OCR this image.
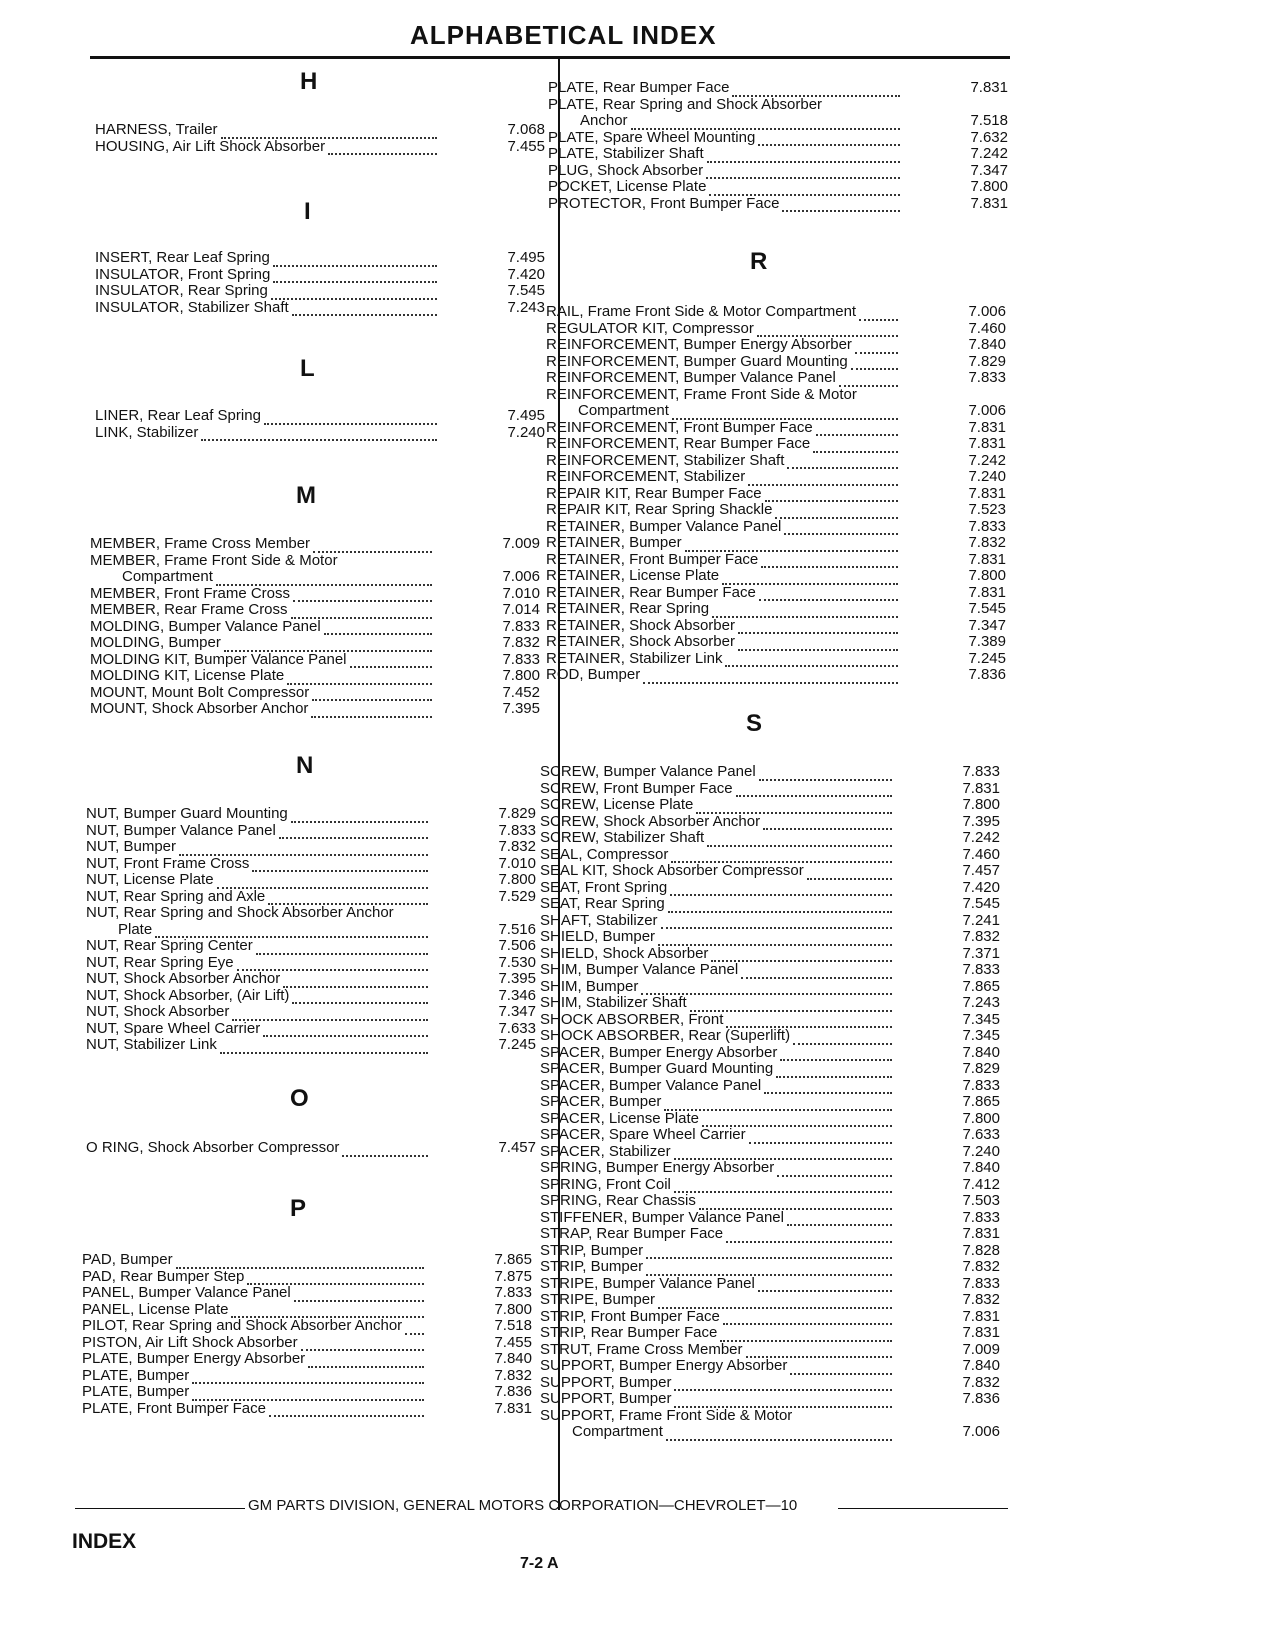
ALPHABETICAL INDEX
H
HARNESS, Trailer	7.068
HOUSING, Air Lift Shock Absorber	7.455
I
INSERT, Rear Leaf Spring	7.495
INSULATOR, Front Spring	7.420
INSULATOR, Rear Spring	7.545
INSULATOR, Stabilizer Shaft	7.243
L
LINER, Rear Leaf Spring	7.495
LINK, Stabilizer	7.240
M
MEMBER, Frame Cross Member	7.009
MEMBER, Frame Front Side & Motor
Compartment	7.006
MEMBER, Front Frame Cross	7.010
MEMBER, Rear Frame Cross	7.014
MOLDING, Bumper Valance Panel	7.833
MOLDING, Bumper	7.832
MOLDING KIT, Bumper Valance Panel	7.833
MOLDING KIT, License Plate	7.800
MOUNT, Mount Bolt Compressor	7.452
MOUNT, Shock Absorber Anchor	7.395
N
NUT, Bumper Guard Mounting	7.829
NUT, Bumper Valance Panel	7.833
NUT, Bumper	7.832
NUT, Front Frame Cross	7.010
NUT, License Plate	7.800
NUT, Rear Spring and Axle	7.529
NUT, Rear Spring and Shock Absorber Anchor
Plate	7.516
NUT, Rear Spring Center	7.506
NUT, Rear Spring Eye	7.530
NUT, Shock Absorber Anchor	7.395
NUT, Shock Absorber, (Air Lift)	7.346
NUT, Shock Absorber	7.347
NUT, Spare Wheel Carrier	7.633
NUT, Stabilizer Link	7.245
O
O RING, Shock Absorber Compressor	7.457
P
PAD, Bumper	7.865
PAD, Rear Bumper Step	7.875
PANEL, Bumper Valance Panel	7.833
PANEL, License Plate	7.800
PILOT, Rear Spring and Shock Absorber Anchor	7.518
PISTON, Air Lift Shock Absorber	7.455
PLATE, Bumper Energy Absorber	7.840
PLATE, Bumper	7.832
PLATE, Bumper	7.836
PLATE, Front Bumper Face	7.831
PLATE, Rear Bumper Face	7.831
PLATE, Rear Spring and Shock Absorber
Anchor	7.518
PLATE, Spare Wheel Mounting	7.632
PLATE, Stabilizer Shaft	7.242
PLUG, Shock Absorber	7.347
POCKET, License Plate	7.800
PROTECTOR, Front Bumper Face	7.831
R
RAIL, Frame Front Side & Motor Compartment	7.006
REGULATOR KIT, Compressor	7.460
REINFORCEMENT, Bumper Energy Absorber	7.840
REINFORCEMENT, Bumper Guard Mounting	7.829
REINFORCEMENT, Bumper Valance Panel	7.833
REINFORCEMENT, Frame Front Side & Motor
Compartment	7.006
REINFORCEMENT, Front Bumper Face	7.831
REINFORCEMENT, Rear Bumper Face	7.831
REINFORCEMENT, Stabilizer Shaft	7.242
REINFORCEMENT, Stabilizer	7.240
REPAIR KIT, Rear Bumper Face	7.831
REPAIR KIT, Rear Spring Shackle	7.523
RETAINER, Bumper Valance Panel	7.833
RETAINER, Bumper	7.832
RETAINER, Front Bumper Face	7.831
RETAINER, License Plate	7.800
RETAINER, Rear Bumper Face	7.831
RETAINER, Rear Spring	7.545
RETAINER, Shock Absorber	7.347
RETAINER, Shock Absorber	7.389
RETAINER, Stabilizer Link	7.245
ROD, Bumper	7.836
S
SCREW, Bumper Valance Panel	7.833
SCREW, Front Bumper Face	7.831
SCREW, License Plate	7.800
SCREW, Shock Absorber Anchor	7.395
SCREW, Stabilizer Shaft	7.242
SEAL, Compressor	7.460
SEAL KIT, Shock Absorber Compressor	7.457
SEAT, Front Spring	7.420
SEAT, Rear Spring	7.545
SHAFT, Stabilizer	7.241
SHIELD, Bumper	7.832
SHIELD, Shock Absorber	7.371
SHIM, Bumper Valance Panel	7.833
SHIM, Bumper	7.865
SHIM, Stabilizer Shaft	7.243
SHOCK ABSORBER, Front	7.345
SHOCK ABSORBER, Rear (Superlift)	7.345
SPACER, Bumper Energy Absorber	7.840
SPACER, Bumper Guard Mounting	7.829
SPACER, Bumper Valance Panel	7.833
SPACER, Bumper	7.865
SPACER, License Plate	7.800
SPACER, Spare Wheel Carrier	7.633
SPACER, Stabilizer	7.240
SPRING, Bumper Energy Absorber	7.840
SPRING, Front Coil	7.412
SPRING, Rear Chassis	7.503
STIFFENER, Bumper Valance Panel	7.833
STRAP, Rear Bumper Face	7.831
STRIP, Bumper	7.828
STRIP, Bumper	7.832
STRIPE, Bumper Valance Panel	7.833
STRIPE, Bumper	7.832
STRIP, Front Bumper Face	7.831
STRIP, Rear Bumper Face	7.831
STRUT, Frame Cross Member	7.009
SUPPORT, Bumper Energy Absorber	7.840
SUPPORT, Bumper	7.832
SUPPORT, Bumper	7.836
SUPPORT, Frame Front Side & Motor
Compartment	7.006
GM PARTS DIVISION, GENERAL MOTORS CORPORATION—CHEVROLET—10
INDEX
7-2 A
